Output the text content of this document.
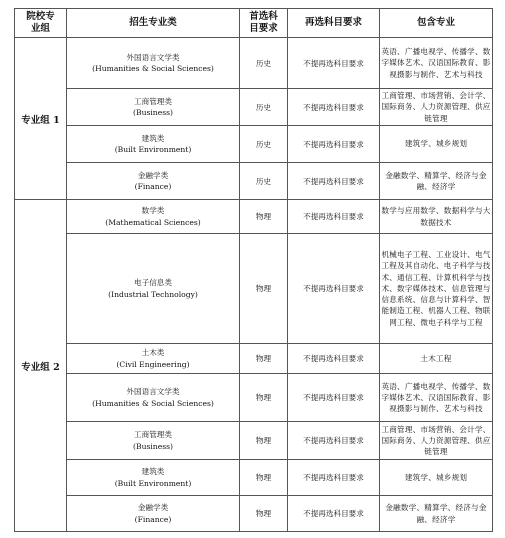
院校专
业组	招生专业类	首选科
目要求	再选科目要求	包含专业
专业组 1	外国语言文学类
(Humanities & Social Sciences)	历史	不提再选科目要求	英语、广播电视学、传播学、数字媒体艺术、汉语国际教育、影视摄影与制作、艺术与科技

	工商管理类
(Business)	历史	不提再选科目要求	工商管理、市场营销、会计学、国际商务、人力资源管理、供应链管理

	建筑类
(Built Environment)	历史	不提再选科目要求	建筑学、城乡规划

	金融学类
(Finance)	历史	不提再选科目要求	金融数学、精算学、经济与金融、经济学
专业组 2	数学类
(Mathematical Sciences)	物理	不提再选科目要求	数学与应用数学、数据科学与大数据技术

	电子信息类
(Industrial Technology)	物理	不提再选科目要求	机械电子工程、工业设计、电气工程及其自动化、电子科学与技术、通信工程、计算机科学与技术、数字媒体技术、信息管理与信息系统、信息与计算科学、智能制造工程、机器人工程、物联网工程、微电子科学与工程

	土木类
(Civil Engineering)	物理	不提再选科目要求	土木工程

	外国语言文学类
(Humanities & Social Sciences)	物理	不提再选科目要求	英语、广播电视学、传播学、数字媒体艺术、汉语国际教育、影视摄影与制作、艺术与科技

	工商管理类
(Business)	物理	不提再选科目要求	工商管理、市场营销、会计学、国际商务、人力资源管理、供应链管理

	建筑类
(Built Environment)	物理	不提再选科目要求	建筑学、城乡规划

	金融学类
(Finance)	物理	不提再选科目要求	金融数学、精算学、经济与金融、经济学
